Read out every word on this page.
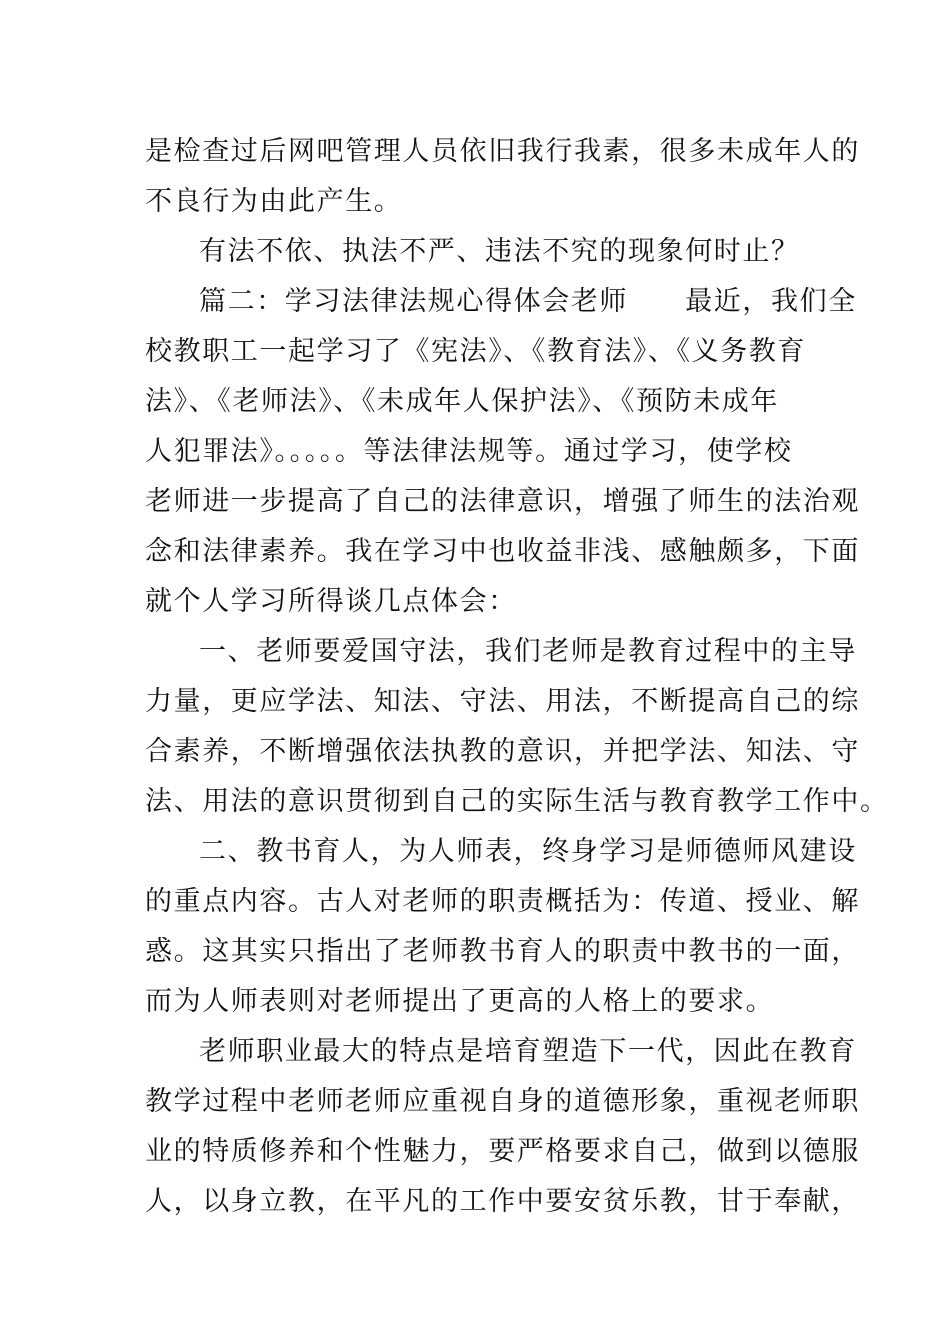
是检查过后网吧管理人员依旧我行我素，很多未成年人的
不良行为由此产生。
有法不依、执法不严、违法不究的现象何时止？
篇二：学习法律法规心得体会老师　　最近，我们全
校教职工一起学习了《宪法》、《教育法》、《义务教育
法》、《老师法》、《未成年人保护法》、《预防未成年
人犯罪法》。。。。。等法律法规等。通过学习，使学校
老师进一步提高了自己的法律意识，增强了师生的法治观
念和法律素养。我在学习中也收益非浅、感触颇多，下面
就个人学习所得谈几点体会：
一、老师要爱国守法，我们老师是教育过程中的主导
力量，更应学法、知法、守法、用法，不断提高自己的综
合素养，不断增强依法执教的意识，并把学法、知法、守
法、用法的意识贯彻到自己的实际生活与教育教学工作中。
二、教书育人，为人师表，终身学习是师德师风建设
的重点内容。古人对老师的职责概括为：传道、授业、解
惑。这其实只指出了老师教书育人的职责中教书的一面，
而为人师表则对老师提出了更高的人格上的要求。
老师职业最大的特点是培育塑造下一代，因此在教育
教学过程中老师老师应重视自身的道德形象，重视老师职
业的特质修养和个性魅力，要严格要求自己，做到以德服
人，以身立教，在平凡的工作中要安贫乐教，甘于奉献，
